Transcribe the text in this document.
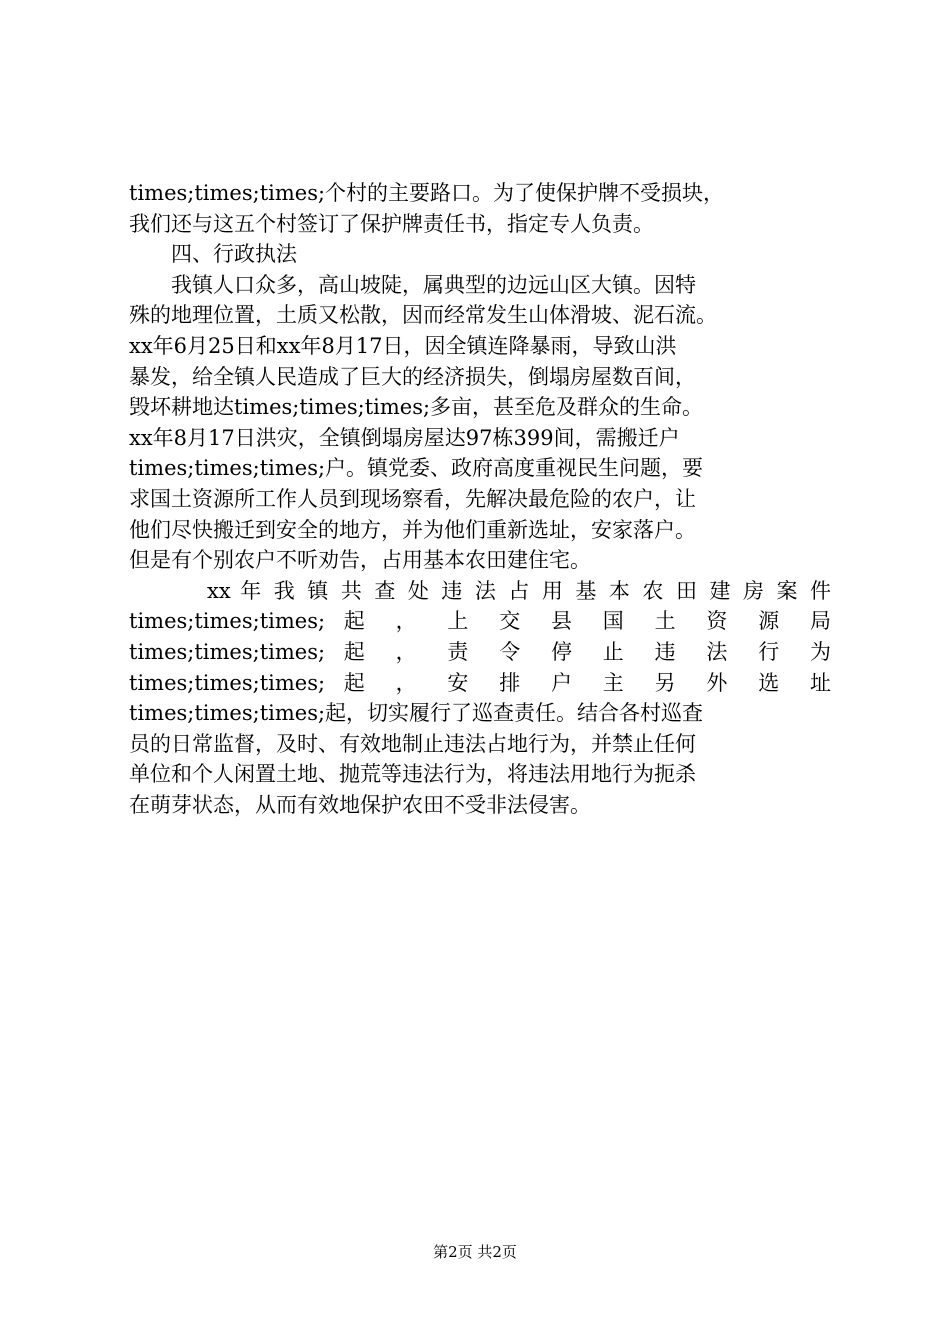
times;times;times;个村的主要路口。为了使保护牌不受损块，
我们还与这五个村签订了保护牌责任书，指定专人负责。
四、行政执法
我镇人口众多，高山坡陡，属典型的边远山区大镇。因特
殊的地理位置，土质又松散，因而经常发生山体滑坡、泥石流。
xx年6月25日和xx年8月17日，因全镇连降暴雨，导致山洪
暴发，给全镇人民造成了巨大的经济损失，倒塌房屋数百间，
毁坏耕地达times;times;times;多亩，甚至危及群众的生命。
xx年8月17日洪灾，全镇倒塌房屋达97栋399间，需搬迁户
times;times;times;户。镇党委、政府高度重视民生问题，要
求国土资源所工作人员到现场察看，先解决最危险的农户，让
他们尽快搬迁到安全的地方，并为他们重新选址，安家落户。
但是有个别农户不听劝告，占用基本农田建住宅。
xx 年 我 镇 共 查 处 违 法 占 用 基 本 农 田 建 房 案 件
times;times;times; 起 ， 上 交 县 国 土 资 源 局
times;times;times; 起 ， 责 令 停 止 违 法 行 为
times;times;times; 起 ， 安 排 户 主 另 外 选 址
times;times;times;起，切实履行了巡查责任。结合各村巡査
员的日常监督，及时、有效地制止违法占地行为，并禁止任何
单位和个人闲置土地、抛荒等违法行为，将违法用地行为扼杀
在萌芽状态，从而有效地保护农田不受非法侵害。
第2页 共2页
